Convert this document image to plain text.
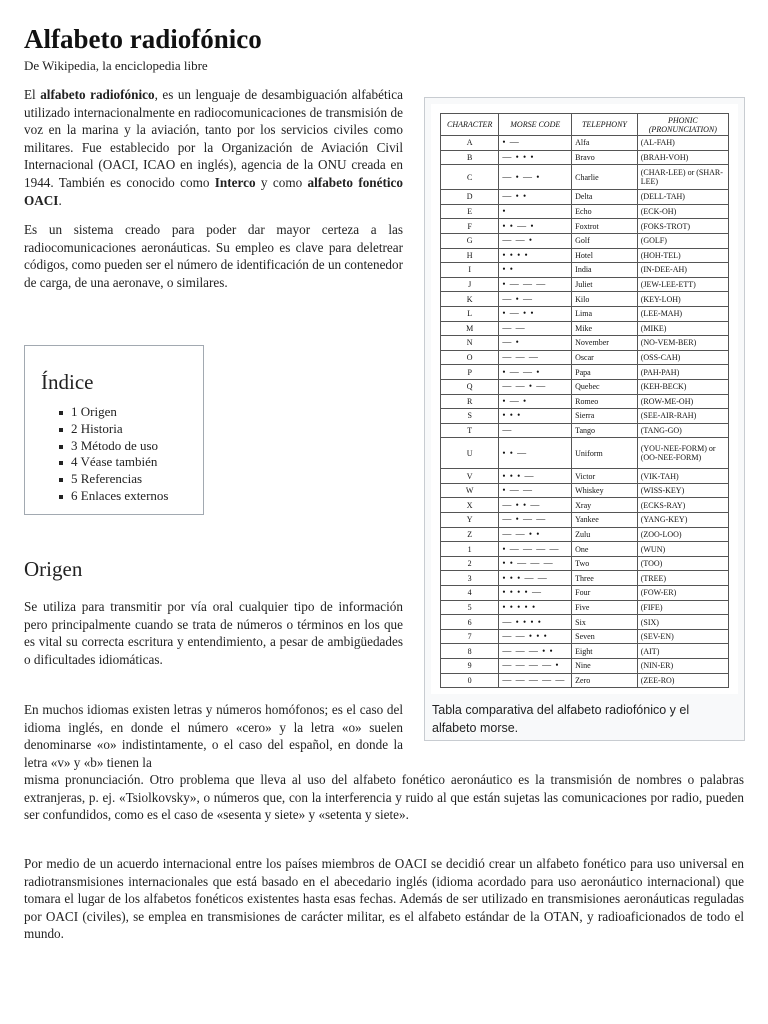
Alfabeto radiofónico
De Wikipedia, la enciclopedia libre

El alfabeto radiofónico, es un lenguaje de desambiguación alfabética utilizado internacionalmente en radiocomunicaciones de transmisión de voz en la marina y la aviación, tanto por los servicios civiles como militares. Fue establecido por la Organización de Aviación Civil Internacional (OACI, ICAO en inglés), agencia de la ONU creada en 1944. También es conocido como Interco y como alfabeto fonético OACI.

Es un sistema creado para poder dar mayor certeza a las radiocomunicaciones aeronáuticas. Su empleo es clave para deletrear códigos, como pueden ser el número de identificación de un contenedor de carga, de una aeronave, o similares.

Índice
1 Origen
2 Historia
3 Método de uso
4 Véase también
5 Referencias
6 Enlaces externos
Origen

Se utiliza para transmitir por vía oral cualquier tipo de información pero principalmente cuando se trata de números o términos en los que es vital su correcta escritura y entendimiento, a pesar de ambigüedades o dificultades idiomáticas.

En muchos idiomas existen letras y números homófonos; es el caso del idioma inglés, en donde el número «cero» y la letra «o» suelen denominarse «o» indistintamente, o el caso del español, en donde la letra «v» y «b» tienen la

misma pronunciación. Otro problema que lleva al uso del alfabeto fonético aeronáutico es la transmisión de nombres o palabras extranjeras, p. ej. «Tsiolkovsky», o números que, con la interferencia y ruido al que están sujetas las comunicaciones por radio, pueden ser confundidos, como es el caso de «sesenta y siete» y «setenta y siete».

Por medio de un acuerdo internacional entre los países miembros de OACI se decidió crear un alfabeto fonético para uso universal en radiotransmisiones internacionales que está basado en el abecedario inglés (idioma acordado para uso aeronáutico internacional) que tomara el lugar de los alfabetos fonéticos existentes hasta esas fechas. Además de ser utilizado en transmisiones aeronáuticas reguladas por OACI (civiles), se emplea en transmisiones de carácter militar, es el alfabeto estándar de la OTAN, y radioaficionados de todo el mundo.

CHARACTER	MORSE CODE	TELEPHONY	PHONIC (PRONUNCIATION)
A	• —	Alfa	(AL-FAH)
B	— • • •	Bravo	(BRAH-VOH)
C	— • — •	Charlie	(CHAR-LEE) or (SHAR-LEE)
D	— • •	Delta	(DELL-TAH)
E	•	Echo	(ECK-OH)
F	• • — •	Foxtrot	(FOKS-TROT)
G	— — •	Golf	(GOLF)
H	• • • •	Hotel	(HOH-TEL)
I	• •	India	(IN-DEE-AH)
J	• — — —	Juliet	(JEW-LEE-ETT)
K	— • —	Kilo	(KEY-LOH)
L	• — • •	Lima	(LEE-MAH)
M	— —	Mike	(MIKE)
N	— •	November	(NO-VEM-BER)
O	— — —	Oscar	(OSS-CAH)
P	• — — •	Papa	(PAH-PAH)
Q	— — • —	Quebec	(KEH-BECK)
R	• — •	Romeo	(ROW-ME-OH)
S	• • •	Sierra	(SEE-AIR-RAH)
T	—	Tango	(TANG-GO)
U	• • —	Uniform	(YOU-NEE-FORM) or (OO-NEE-FORM)
V	• • • —	Victor	(VIK-TAH)
W	• — —	Whiskey	(WISS-KEY)
X	— • • —	Xray	(ECKS-RAY)
Y	— • — —	Yankee	(YANG-KEY)
Z	— — • •	Zulu	(ZOO-LOO)
1	• — — — —	One	(WUN)
2	• • — — —	Two	(TOO)
3	• • • — —	Three	(TREE)
4	• • • • —	Four	(FOW-ER)
5	• • • • •	Five	(FIFE)
6	— • • • •	Six	(SIX)
7	— — • • •	Seven	(SEV-EN)
8	— — — • •	Eight	(AIT)
9	— — — — •	Nine	(NIN-ER)
0	— — — — —	Zero	(ZEE-RO)
Tabla comparativa del alfabeto radiofónico y el alfabeto morse.
